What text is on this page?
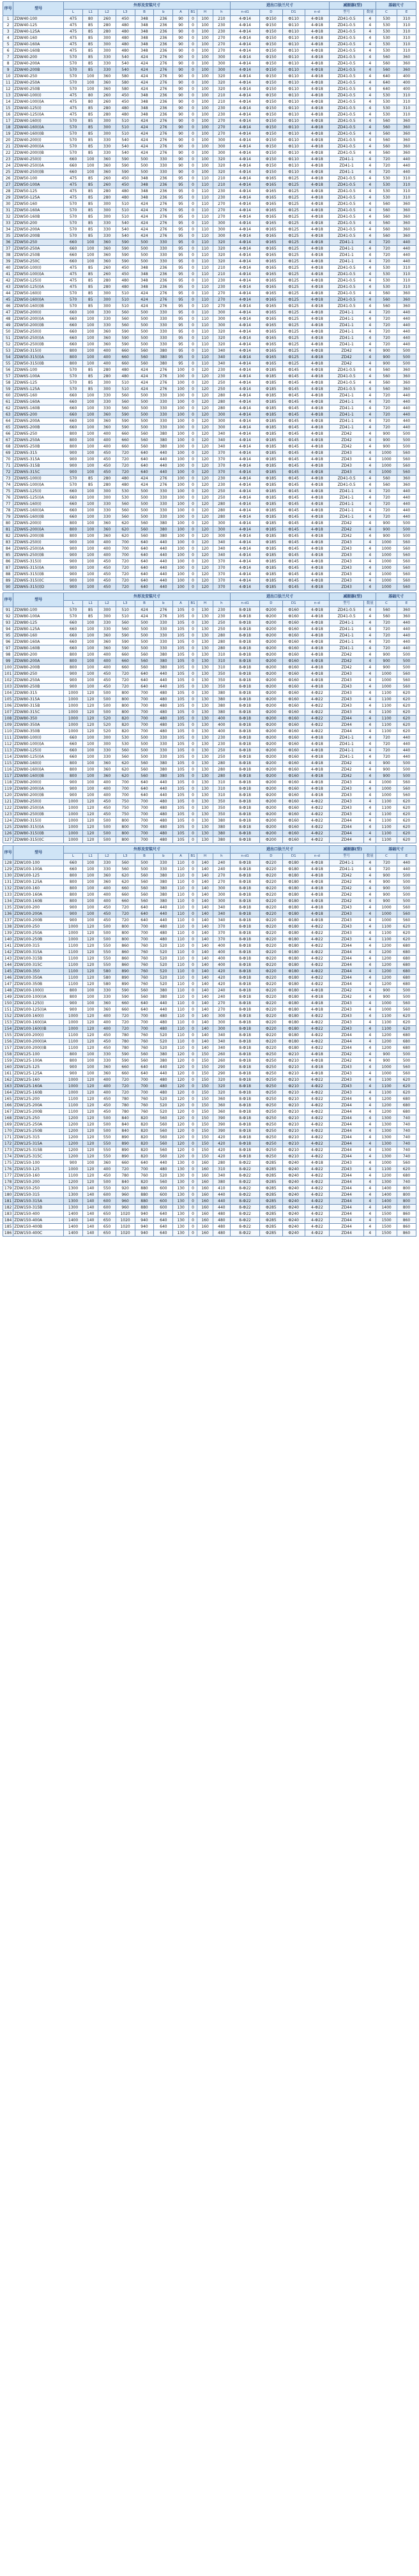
序号	型号	外形及安装尺寸										进出口法兰尺寸				减振器(型)		基础尺寸	
		L	L1	L2	L3	B	b	A	B1	H	h	n-d1	D	D1	n-d	型号	数量	C	E
1	ZDW40-100	475	80	260	450	348	236	90	0	100	210	4-Ф14	Ф150	Ф110	4-Ф18	ZD41-0.5	4	530	310
2	ZDW40-125	475	85	280	480	348	236	90	0	100	230	4-Ф14	Ф150	Ф110	4-Ф18	ZD41-0.5	4	530	310
3	ZDW40-125A	475	85	280	480	348	236	90	0	100	230	4-Ф14	Ф150	Ф110	4-Ф18	ZD41-0.5	4	530	310
4	ZDW40-160	475	85	300	480	348	236	90	0	100	270	4-Ф14	Ф150	Ф110	4-Ф18	ZD41-0.5	4	530	310
5	ZDW40-160A	475	85	300	480	348	236	90	0	100	270	4-Ф14	Ф150	Ф110	4-Ф18	ZD41-0.5	4	530	310
6	ZDW40-160B	475	85	300	480	348	236	90	0	100	270	4-Ф14	Ф150	Ф110	4-Ф18	ZD41-0.5	4	530	310
7	ZDW40-200	570	85	330	540	424	276	90	0	100	300	4-Ф14	Ф150	Ф110	4-Ф18	ZD41-0.5	4	560	360
8	ZDW40-200A	570	85	330	540	424	276	90	0	100	300	4-Ф14	Ф150	Ф110	4-Ф18	ZD41-0.5	4	560	360
9	ZDW40-200B	570	85	330	540	424	276	90	0	100	300	4-Ф14	Ф150	Ф110	4-Ф18	ZD41-0.5	4	560	360
10	ZDW40-250	570	100	360	580	424	276	90	0	100	320	4-Ф14	Ф150	Ф110	4-Ф18	ZD41-0.5	4	640	400
11	ZDW40-250A	570	100	360	580	424	276	90	0	100	320	4-Ф14	Ф150	Ф110	4-Ф18	ZD41-0.5	4	640	400
12	ZDW40-250B	570	100	360	580	424	276	90	0	100	320	4-Ф14	Ф150	Ф110	4-Ф18	ZD41-0.5	4	640	400
13	ZDW40-100(I)	475	80	260	450	348	236	90	0	100	210	4-Ф14	Ф150	Ф110	4-Ф18	ZD41-0.5	4	530	310
14	ZDW40-100(I)A	475	80	260	450	348	236	90	0	100	210	4-Ф14	Ф150	Ф110	4-Ф18	ZD41-0.5	4	530	310
15	ZDW40-125(I)	475	85	280	480	348	236	90	0	100	230	4-Ф14	Ф150	Ф110	4-Ф18	ZD41-0.5	4	530	310
16	ZDW40-125(I)A	475	85	280	480	348	236	90	0	100	230	4-Ф14	Ф150	Ф110	4-Ф18	ZD41-0.5	4	530	310
17	ZDW40-160(I)	570	85	300	510	424	276	90	0	100	270	4-Ф14	Ф150	Ф110	4-Ф18	ZD41-0.5	4	560	360
18	ZDW40-160(I)A	570	85	300	510	424	276	90	0	100	270	4-Ф14	Ф150	Ф110	4-Ф18	ZD41-0.5	4	560	360
19	ZDW40-160(I)B	570	85	300	510	424	276	90	0	100	270	4-Ф14	Ф150	Ф110	4-Ф18	ZD41-0.5	4	560	360
20	ZDW40-200(I)	570	85	330	540	424	276	90	0	100	300	4-Ф14	Ф150	Ф110	4-Ф18	ZD41-0.5	4	560	360
21	ZDW40-200(I)A	570	85	330	540	424	276	90	0	100	300	4-Ф14	Ф150	Ф110	4-Ф18	ZD41-0.5	4	560	360
22	ZDW40-200(I)B	570	85	330	540	424	276	90	0	100	300	4-Ф14	Ф150	Ф110	4-Ф18	ZD41-0.5	4	560	360
23	ZDW40-250(I)	660	100	360	590	500	330	90	0	100	320	4-Ф14	Ф150	Ф110	4-Ф18	ZD41-1	4	720	440
24	ZDW40-250(I)A	660	100	360	590	500	330	90	0	100	320	4-Ф14	Ф150	Ф110	4-Ф18	ZD41-1	4	720	440
25	ZDW40-250(I)B	660	100	360	590	500	330	90	0	100	320	4-Ф14	Ф150	Ф110	4-Ф18	ZD41-1	4	720	440
26	ZDW50-100	475	85	260	450	348	236	95	0	110	210	4-Ф14	Ф165	Ф125	4-Ф18	ZD41-0.5	4	530	310
27	ZDW50-100A	475	85	260	450	348	236	95	0	110	210	4-Ф14	Ф165	Ф125	4-Ф18	ZD41-0.5	4	530	310
28	ZDW50-125	475	85	280	480	348	236	95	0	110	230	4-Ф14	Ф165	Ф125	4-Ф18	ZD41-0.5	4	530	310
29	ZDW50-125A	475	85	280	480	348	236	95	0	110	230	4-Ф14	Ф165	Ф125	4-Ф18	ZD41-0.5	4	530	310
30	ZDW50-160	570	85	300	510	424	276	95	0	110	270	4-Ф14	Ф165	Ф125	4-Ф18	ZD41-0.5	4	560	360
31	ZDW50-160A	570	85	300	510	424	276	95	0	110	270	4-Ф14	Ф165	Ф125	4-Ф18	ZD41-0.5	4	560	360
32	ZDW50-160B	570	85	300	510	424	276	95	0	110	270	4-Ф14	Ф165	Ф125	4-Ф18	ZD41-0.5	4	560	360
33	ZDW50-200	570	85	330	540	424	276	95	0	110	300	4-Ф14	Ф165	Ф125	4-Ф18	ZD41-0.5	4	560	360
34	ZDW50-200A	570	85	330	540	424	276	95	0	110	300	4-Ф14	Ф165	Ф125	4-Ф18	ZD41-0.5	4	560	360
35	ZDW50-200B	570	85	330	540	424	276	95	0	110	300	4-Ф14	Ф165	Ф125	4-Ф18	ZD41-0.5	4	560	360
36	ZDW50-250	660	100	360	590	500	330	95	0	110	320	4-Ф14	Ф165	Ф125	4-Ф18	ZD41-1	4	720	440
37	ZDW50-250A	660	100	360	590	500	330	95	0	110	320	4-Ф14	Ф165	Ф125	4-Ф18	ZD41-1	4	720	440
38	ZDW50-250B	660	100	360	590	500	330	95	0	110	320	4-Ф14	Ф165	Ф125	4-Ф18	ZD41-1	4	720	440
39	ZDW50-250C	660	100	360	590	500	330	95	0	110	320	4-Ф14	Ф165	Ф125	4-Ф18	ZD41-1	4	720	440
40	ZDW50-100(I)	475	85	260	450	348	236	95	0	110	210	4-Ф14	Ф165	Ф125	4-Ф18	ZD41-0.5	4	530	310
41	ZDW50-100(I)A	475	85	260	450	348	236	95	0	110	210	4-Ф14	Ф165	Ф125	4-Ф18	ZD41-0.5	4	530	310
42	ZDW50-125(I)	475	85	280	480	348	236	95	0	110	230	4-Ф14	Ф165	Ф125	4-Ф18	ZD41-0.5	4	530	310
43	ZDW50-125(I)A	475	85	280	480	348	236	95	0	110	230	4-Ф14	Ф165	Ф125	4-Ф18	ZD41-0.5	4	530	310
44	ZDW50-160(I)	570	85	300	510	424	276	95	0	110	270	4-Ф14	Ф165	Ф125	4-Ф18	ZD41-0.5	4	560	360
45	ZDW50-160(I)A	570	85	300	510	424	276	95	0	110	270	4-Ф14	Ф165	Ф125	4-Ф18	ZD41-0.5	4	560	360
46	ZDW50-160(I)B	570	85	300	510	424	276	95	0	110	270	4-Ф14	Ф165	Ф125	4-Ф18	ZD41-0.5	4	560	360
47	ZDW50-200(I)	660	100	330	560	500	330	95	0	110	300	4-Ф14	Ф165	Ф125	4-Ф18	ZD41-1	4	720	440
48	ZDW50-200(I)A	660	100	330	560	500	330	95	0	110	300	4-Ф14	Ф165	Ф125	4-Ф18	ZD41-1	4	720	440
49	ZDW50-200(I)B	660	100	330	560	500	330	95	0	110	300	4-Ф14	Ф165	Ф125	4-Ф18	ZD41-1	4	720	440
50	ZDW50-250(I)	660	100	360	590	500	330	95	0	110	320	4-Ф14	Ф165	Ф125	4-Ф18	ZD41-1	4	720	440
51	ZDW50-250(I)A	660	100	360	590	500	330	95	0	110	320	4-Ф14	Ф165	Ф125	4-Ф18	ZD41-1	4	720	440
52	ZDW50-250(I)B	660	100	360	590	500	330	95	0	110	320	4-Ф14	Ф165	Ф125	4-Ф18	ZD41-1	4	720	440
53	ZDW50-315(I)	800	100	400	660	560	380	95	0	110	340	4-Ф14	Ф165	Ф125	4-Ф18	ZD42	4	900	500
54	ZDW50-315(I)A	800	100	400	660	560	380	95	0	110	340	4-Ф14	Ф165	Ф125	4-Ф18	ZD42	4	900	500
55	ZDW50-315(I)B	800	100	400	660	560	380	95	0	110	340	4-Ф14	Ф165	Ф125	4-Ф18	ZD42	4	900	500
56	ZDW65-100	570	85	280	480	424	276	100	0	120	230	4-Ф14	Ф185	Ф145	4-Ф18	ZD41-0.5	4	560	360
57	ZDW65-100A	570	85	280	480	424	276	100	0	120	230	4-Ф14	Ф185	Ф145	4-Ф18	ZD41-0.5	4	560	360
58	ZDW65-125	570	85	300	510	424	276	100	0	120	250	4-Ф14	Ф185	Ф145	4-Ф18	ZD41-0.5	4	560	360
59	ZDW65-125A	570	85	300	510	424	276	100	0	120	250	4-Ф14	Ф185	Ф145	4-Ф18	ZD41-0.5	4	560	360
60	ZDW65-160	660	100	330	560	500	330	100	0	120	280	4-Ф14	Ф185	Ф145	4-Ф18	ZD41-1	4	720	440
61	ZDW65-160A	660	100	330	560	500	330	100	0	120	280	4-Ф14	Ф185	Ф145	4-Ф18	ZD41-1	4	720	440
62	ZDW65-160B	660	100	330	560	500	330	100	0	120	280	4-Ф14	Ф185	Ф145	4-Ф18	ZD41-1	4	720	440
63	ZDW65-200	660	100	360	590	500	330	100	0	120	300	4-Ф14	Ф185	Ф145	4-Ф18	ZD41-1	4	720	440
64	ZDW65-200A	660	100	360	590	500	330	100	0	120	300	4-Ф14	Ф185	Ф145	4-Ф18	ZD41-1	4	720	440
65	ZDW65-200B	660	100	360	590	500	330	100	0	120	300	4-Ф14	Ф185	Ф145	4-Ф18	ZD41-1	4	720	440
66	ZDW65-250	800	100	400	660	560	380	100	0	120	340	4-Ф14	Ф185	Ф145	4-Ф18	ZD42	4	900	500
67	ZDW65-250A	800	100	400	660	560	380	100	0	120	340	4-Ф14	Ф185	Ф145	4-Ф18	ZD42	4	900	500
68	ZDW65-250B	800	100	400	660	560	380	100	0	120	340	4-Ф14	Ф185	Ф145	4-Ф18	ZD42	4	900	500
69	ZDW65-315	900	100	450	720	640	440	100	0	120	370	4-Ф14	Ф185	Ф145	4-Ф18	ZD43	4	1000	560
70	ZDW65-315A	900	100	450	720	640	440	100	0	120	370	4-Ф14	Ф185	Ф145	4-Ф18	ZD43	4	1000	560
71	ZDW65-315B	900	100	450	720	640	440	100	0	120	370	4-Ф14	Ф185	Ф145	4-Ф18	ZD43	4	1000	560
72	ZDW65-315C	900	100	450	720	640	440	100	0	120	370	4-Ф14	Ф185	Ф145	4-Ф18	ZD43	4	1000	560
73	ZDW65-100(I)	570	85	280	480	424	276	100	0	120	230	4-Ф14	Ф185	Ф145	4-Ф18	ZD41-0.5	4	560	360
74	ZDW65-100(I)A	570	85	280	480	424	276	100	0	120	230	4-Ф14	Ф185	Ф145	4-Ф18	ZD41-0.5	4	560	360
75	ZDW65-125(I)	660	100	300	530	500	330	100	0	120	250	4-Ф14	Ф185	Ф145	4-Ф18	ZD41-1	4	720	440
76	ZDW65-125(I)A	660	100	300	530	500	330	100	0	120	250	4-Ф14	Ф185	Ф145	4-Ф18	ZD41-1	4	720	440
77	ZDW65-160(I)	660	100	330	560	500	330	100	0	120	280	4-Ф14	Ф185	Ф145	4-Ф18	ZD41-1	4	720	440
78	ZDW65-160(I)A	660	100	330	560	500	330	100	0	120	280	4-Ф14	Ф185	Ф145	4-Ф18	ZD41-1	4	720	440
79	ZDW65-160(I)B	660	100	330	560	500	330	100	0	120	280	4-Ф14	Ф185	Ф145	4-Ф18	ZD41-1	4	720	440
80	ZDW65-200(I)	800	100	360	620	560	380	100	0	120	300	4-Ф14	Ф185	Ф145	4-Ф18	ZD42	4	900	500
81	ZDW65-200(I)A	800	100	360	620	560	380	100	0	120	300	4-Ф14	Ф185	Ф145	4-Ф18	ZD42	4	900	500
82	ZDW65-200(I)B	800	100	360	620	560	380	100	0	120	300	4-Ф14	Ф185	Ф145	4-Ф18	ZD42	4	900	500
83	ZDW65-250(I)	900	100	400	700	640	440	100	0	120	340	4-Ф14	Ф185	Ф145	4-Ф18	ZD43	4	1000	560
84	ZDW65-250(I)A	900	100	400	700	640	440	100	0	120	340	4-Ф14	Ф185	Ф145	4-Ф18	ZD43	4	1000	560
85	ZDW65-250(I)B	900	100	400	700	640	440	100	0	120	340	4-Ф14	Ф185	Ф145	4-Ф18	ZD43	4	1000	560
86	ZDW65-315(I)	900	100	450	720	640	440	100	0	120	370	4-Ф14	Ф185	Ф145	4-Ф18	ZD43	4	1000	560
87	ZDW65-315(I)A	900	100	450	720	640	440	100	0	120	370	4-Ф14	Ф185	Ф145	4-Ф18	ZD43	4	1000	560
88	ZDW65-315(I)B	900	100	450	720	640	440	100	0	120	370	4-Ф14	Ф185	Ф145	4-Ф18	ZD43	4	1000	560
89	ZDW65-315(I)C	900	100	450	720	640	440	100	0	120	370	4-Ф14	Ф185	Ф145	4-Ф18	ZD43	4	1000	560
90	ZDW65-315(I)D	900	100	450	720	640	440	100	0	120	370	4-Ф14	Ф185	Ф145	4-Ф18	ZD43	4	1000	560
序号	型号	外形及安装尺寸										进出口法兰尺寸				减振器(型)		基础尺寸	
		L	L1	L2	L3	B	b	A	B1	H	h	n-d1	D	D1	n-d	型号	数量	C	E
91	ZDW80-100	570	85	300	510	424	276	105	0	130	230	8-Ф18	Ф200	Ф160	4-Ф18	ZD41-0.5	4	560	360
92	ZDW80-100A	570	85	300	510	424	276	105	0	130	230	8-Ф18	Ф200	Ф160	4-Ф18	ZD41-0.5	4	560	360
93	ZDW80-125	660	100	330	560	500	330	105	0	130	250	8-Ф18	Ф200	Ф160	4-Ф18	ZD41-1	4	720	440
94	ZDW80-125A	660	100	330	560	500	330	105	0	130	250	8-Ф18	Ф200	Ф160	4-Ф18	ZD41-1	4	720	440
95	ZDW80-160	660	100	360	590	500	330	105	0	130	280	8-Ф18	Ф200	Ф160	4-Ф18	ZD41-1	4	720	440
96	ZDW80-160A	660	100	360	590	500	330	105	0	130	280	8-Ф18	Ф200	Ф160	4-Ф18	ZD41-1	4	720	440
97	ZDW80-160B	660	100	360	590	500	330	105	0	130	280	8-Ф18	Ф200	Ф160	4-Ф18	ZD41-1	4	720	440
98	ZDW80-200	800	100	400	660	560	380	105	0	130	310	8-Ф18	Ф200	Ф160	4-Ф18	ZD42	4	900	500
99	ZDW80-200A	800	100	400	660	560	380	105	0	130	310	8-Ф18	Ф200	Ф160	4-Ф18	ZD42	4	900	500
100	ZDW80-200B	800	100	400	660	560	380	105	0	130	310	8-Ф18	Ф200	Ф160	4-Ф18	ZD42	4	900	500
101	ZDW80-250	900	100	450	720	640	440	105	0	130	350	8-Ф18	Ф200	Ф160	4-Ф18	ZD43	4	1000	560
102	ZDW80-250A	900	100	450	720	640	440	105	0	130	350	8-Ф18	Ф200	Ф160	4-Ф18	ZD43	4	1000	560
103	ZDW80-250B	900	100	450	720	640	440	105	0	130	350	8-Ф18	Ф200	Ф160	4-Ф18	ZD43	4	1000	560
104	ZDW80-315	1000	120	500	800	700	480	105	0	130	380	8-Ф18	Ф200	Ф160	4-Ф22	ZD43	4	1100	620
105	ZDW80-315A	1000	120	500	800	700	480	105	0	130	380	8-Ф18	Ф200	Ф160	4-Ф22	ZD43	4	1100	620
106	ZDW80-315B	1000	120	500	800	700	480	105	0	130	380	8-Ф18	Ф200	Ф160	4-Ф22	ZD43	4	1100	620
107	ZDW80-315C	1000	120	500	800	700	480	105	0	130	380	8-Ф18	Ф200	Ф160	4-Ф22	ZD43	4	1100	620
108	ZDW80-350	1000	120	520	820	700	480	105	0	130	400	8-Ф18	Ф200	Ф160	4-Ф22	ZD44	4	1100	620
109	ZDW80-350A	1000	120	520	820	700	480	105	0	130	400	8-Ф18	Ф200	Ф160	4-Ф22	ZD44	4	1100	620
110	ZDW80-350B	1000	120	520	820	700	480	105	0	130	400	8-Ф18	Ф200	Ф160	4-Ф22	ZD44	4	1100	620
111	ZDW80-100(I)	660	100	300	530	500	330	105	0	130	230	8-Ф18	Ф200	Ф160	4-Ф18	ZD41-1	4	720	440
112	ZDW80-100(I)A	660	100	300	530	500	330	105	0	130	230	8-Ф18	Ф200	Ф160	4-Ф18	ZD41-1	4	720	440
113	ZDW80-125(I)	660	100	330	560	500	330	105	0	130	250	8-Ф18	Ф200	Ф160	4-Ф18	ZD41-1	4	720	440
114	ZDW80-125(I)A	660	100	330	560	500	330	105	0	130	250	8-Ф18	Ф200	Ф160	4-Ф18	ZD41-1	4	720	440
115	ZDW80-160(I)	800	100	360	620	560	380	105	0	130	280	8-Ф18	Ф200	Ф160	4-Ф18	ZD42	4	900	500
116	ZDW80-160(I)A	800	100	360	620	560	380	105	0	130	280	8-Ф18	Ф200	Ф160	4-Ф18	ZD42	4	900	500
117	ZDW80-160(I)B	800	100	360	620	560	380	105	0	130	280	8-Ф18	Ф200	Ф160	4-Ф18	ZD42	4	900	500
118	ZDW80-200(I)	900	100	400	700	640	440	105	0	130	310	8-Ф18	Ф200	Ф160	4-Ф18	ZD43	4	1000	560
119	ZDW80-200(I)A	900	100	400	700	640	440	105	0	130	310	8-Ф18	Ф200	Ф160	4-Ф18	ZD43	4	1000	560
120	ZDW80-200(I)B	900	100	400	700	640	440	105	0	130	310	8-Ф18	Ф200	Ф160	4-Ф18	ZD43	4	1000	560
121	ZDW80-250(I)	1000	120	450	750	700	480	105	0	130	350	8-Ф18	Ф200	Ф160	4-Ф22	ZD43	4	1100	620
122	ZDW80-250(I)A	1000	120	450	750	700	480	105	0	130	350	8-Ф18	Ф200	Ф160	4-Ф22	ZD43	4	1100	620
123	ZDW80-250(I)B	1000	120	450	750	700	480	105	0	130	350	8-Ф18	Ф200	Ф160	4-Ф22	ZD43	4	1100	620
124	ZDW80-315(I)	1000	120	500	800	700	480	105	0	130	380	8-Ф18	Ф200	Ф160	4-Ф22	ZD44	4	1100	620
125	ZDW80-315(I)A	1000	120	500	800	700	480	105	0	130	380	8-Ф18	Ф200	Ф160	4-Ф22	ZD44	4	1100	620
126	ZDW80-315(I)B	1000	120	500	800	700	480	105	0	130	380	8-Ф18	Ф200	Ф160	4-Ф22	ZD44	4	1100	620
127	ZDW80-315(I)C	1000	120	500	800	700	480	105	0	130	380	8-Ф18	Ф200	Ф160	4-Ф22	ZD44	4	1100	620
序号	型号	外形及安装尺寸										进出口法兰尺寸				减振器(型)		基础尺寸	
		L	L1	L2	L3	B	b	A	B1	H	h	n-d1	D	D1	n-d	型号	数量	C	E
128	ZDW100-100	660	100	330	560	500	330	110	0	140	240	8-Ф18	Ф220	Ф180	4-Ф18	ZD41-1	4	720	440
129	ZDW100-100A	660	100	330	560	500	330	110	0	140	240	8-Ф18	Ф220	Ф180	4-Ф18	ZD41-1	4	720	440
130	ZDW100-125	800	100	360	620	560	380	110	0	140	270	8-Ф18	Ф220	Ф180	4-Ф18	ZD42	4	900	500
131	ZDW100-125A	800	100	360	620	560	380	110	0	140	270	8-Ф18	Ф220	Ф180	4-Ф18	ZD42	4	900	500
132	ZDW100-160	800	100	400	660	560	380	110	0	140	300	8-Ф18	Ф220	Ф180	4-Ф18	ZD42	4	900	500
133	ZDW100-160A	800	100	400	660	560	380	110	0	140	300	8-Ф18	Ф220	Ф180	4-Ф18	ZD42	4	900	500
134	ZDW100-160B	800	100	400	660	560	380	110	0	140	300	8-Ф18	Ф220	Ф180	4-Ф18	ZD42	4	900	500
135	ZDW100-200	900	100	450	720	640	440	110	0	140	340	8-Ф18	Ф220	Ф180	4-Ф18	ZD43	4	1000	560
136	ZDW100-200A	900	100	450	720	640	440	110	0	140	340	8-Ф18	Ф220	Ф180	4-Ф18	ZD43	4	1000	560
137	ZDW100-200B	900	100	450	720	640	440	110	0	140	340	8-Ф18	Ф220	Ф180	4-Ф18	ZD43	4	1000	560
138	ZDW100-250	1000	120	500	800	700	480	110	0	140	370	8-Ф18	Ф220	Ф180	4-Ф22	ZD43	4	1100	620
139	ZDW100-250A	1000	120	500	800	700	480	110	0	140	370	8-Ф18	Ф220	Ф180	4-Ф22	ZD43	4	1100	620
140	ZDW100-250B	1000	120	500	800	700	480	110	0	140	370	8-Ф18	Ф220	Ф180	4-Ф22	ZD43	4	1100	620
141	ZDW100-315	1100	120	550	860	760	520	110	0	140	400	8-Ф18	Ф220	Ф180	4-Ф22	ZD44	4	1200	680
142	ZDW100-315A	1100	120	550	860	760	520	110	0	140	400	8-Ф18	Ф220	Ф180	4-Ф22	ZD44	4	1200	680
143	ZDW100-315B	1100	120	550	860	760	520	110	0	140	400	8-Ф18	Ф220	Ф180	4-Ф22	ZD44	4	1200	680
144	ZDW100-315C	1100	120	550	860	760	520	110	0	140	400	8-Ф18	Ф220	Ф180	4-Ф22	ZD44	4	1200	680
145	ZDW100-350	1100	120	580	890	760	520	110	0	140	420	8-Ф18	Ф220	Ф180	4-Ф22	ZD44	4	1200	680
146	ZDW100-350A	1100	120	580	890	760	520	110	0	140	420	8-Ф18	Ф220	Ф180	4-Ф22	ZD44	4	1200	680
147	ZDW100-350B	1100	120	580	890	760	520	110	0	140	420	8-Ф18	Ф220	Ф180	4-Ф22	ZD44	4	1200	680
148	ZDW100-100(I)	800	100	330	590	560	380	110	0	140	240	8-Ф18	Ф220	Ф180	4-Ф18	ZD42	4	900	500
149	ZDW100-100(I)A	800	100	330	590	560	380	110	0	140	240	8-Ф18	Ф220	Ф180	4-Ф18	ZD42	4	900	500
150	ZDW100-125(I)	900	100	360	660	640	440	110	0	140	270	8-Ф18	Ф220	Ф180	4-Ф18	ZD43	4	1000	560
151	ZDW100-125(I)A	900	100	360	660	640	440	110	0	140	270	8-Ф18	Ф220	Ф180	4-Ф18	ZD43	4	1000	560
152	ZDW100-160(I)	1000	120	400	720	700	480	110	0	140	300	8-Ф18	Ф220	Ф180	4-Ф22	ZD43	4	1100	620
153	ZDW100-160(I)A	1000	120	400	720	700	480	110	0	140	300	8-Ф18	Ф220	Ф180	4-Ф22	ZD43	4	1100	620
154	ZDW100-160(I)B	1000	120	400	720	700	480	110	0	140	300	8-Ф18	Ф220	Ф180	4-Ф22	ZD43	4	1100	620
155	ZDW100-200(I)	1100	120	450	780	760	520	110	0	140	340	8-Ф18	Ф220	Ф180	4-Ф22	ZD44	4	1200	680
156	ZDW100-200(I)A	1100	120	450	780	760	520	110	0	140	340	8-Ф18	Ф220	Ф180	4-Ф22	ZD44	4	1200	680
157	ZDW100-200(I)B	1100	120	450	780	760	520	110	0	140	340	8-Ф18	Ф220	Ф180	4-Ф22	ZD44	4	1200	680
158	ZDW125-100	800	100	330	590	560	380	120	0	150	260	8-Ф18	Ф250	Ф210	4-Ф18	ZD42	4	900	500
159	ZDW125-100A	800	100	330	590	560	380	120	0	150	260	8-Ф18	Ф250	Ф210	4-Ф18	ZD42	4	900	500
160	ZDW125-125	900	100	360	660	640	440	120	0	150	290	8-Ф18	Ф250	Ф210	4-Ф18	ZD43	4	1000	560
161	ZDW125-125A	900	100	360	660	640	440	120	0	150	290	8-Ф18	Ф250	Ф210	4-Ф18	ZD43	4	1000	560
162	ZDW125-160	1000	120	400	720	700	480	120	0	150	320	8-Ф18	Ф250	Ф210	4-Ф22	ZD43	4	1100	620
163	ZDW125-160A	1000	120	400	720	700	480	120	0	150	320	8-Ф18	Ф250	Ф210	4-Ф22	ZD43	4	1100	620
164	ZDW125-160B	1000	120	400	720	700	480	120	0	150	320	8-Ф18	Ф250	Ф210	4-Ф22	ZD43	4	1100	620
165	ZDW125-200	1100	120	450	780	760	520	120	0	150	360	8-Ф18	Ф250	Ф210	4-Ф22	ZD44	4	1200	680
166	ZDW125-200A	1100	120	450	780	760	520	120	0	150	360	8-Ф18	Ф250	Ф210	4-Ф22	ZD44	4	1200	680
167	ZDW125-200B	1100	120	450	780	760	520	120	0	150	360	8-Ф18	Ф250	Ф210	4-Ф22	ZD44	4	1200	680
168	ZDW125-250	1200	120	500	840	820	560	120	0	150	390	8-Ф18	Ф250	Ф210	4-Ф22	ZD44	4	1300	740
169	ZDW125-250A	1200	120	500	840	820	560	120	0	150	390	8-Ф18	Ф250	Ф210	4-Ф22	ZD44	4	1300	740
170	ZDW125-250B	1200	120	500	840	820	560	120	0	150	390	8-Ф18	Ф250	Ф210	4-Ф22	ZD44	4	1300	740
171	ZDW125-315	1200	120	550	890	820	560	120	0	150	420	8-Ф18	Ф250	Ф210	4-Ф22	ZD44	4	1300	740
172	ZDW125-315A	1200	120	550	890	820	560	120	0	150	420	8-Ф18	Ф250	Ф210	4-Ф22	ZD44	4	1300	740
173	ZDW125-315B	1200	120	550	890	820	560	120	0	150	420	8-Ф18	Ф250	Ф210	4-Ф22	ZD44	4	1300	740
174	ZDW125-315C	1200	120	550	890	820	560	120	0	150	420	8-Ф18	Ф250	Ф210	4-Ф22	ZD44	4	1300	740
175	ZDW150-100	900	100	360	660	640	440	130	0	160	280	8-Ф22	Ф285	Ф240	4-Ф18	ZD43	4	1000	560
176	ZDW150-125	1000	120	400	720	700	480	130	0	160	310	8-Ф22	Ф285	Ф240	4-Ф22	ZD43	4	1100	620
177	ZDW150-160	1100	120	450	780	760	520	130	0	160	340	8-Ф22	Ф285	Ф240	4-Ф22	ZD44	4	1200	680
178	ZDW150-200	1200	120	500	840	820	560	130	0	160	380	8-Ф22	Ф285	Ф240	4-Ф22	ZD44	4	1300	740
179	ZDW150-250	1300	140	550	920	880	600	130	0	160	410	8-Ф22	Ф285	Ф240	4-Ф22	ZD44	4	1400	800
180	ZDW150-315	1300	140	600	960	880	600	130	0	160	440	8-Ф22	Ф285	Ф240	4-Ф22	ZD44	4	1400	800
181	ZDW150-315A	1300	140	600	960	880	600	130	0	160	440	8-Ф22	Ф285	Ф240	4-Ф22	ZD44	4	1400	800
182	ZDW150-315B	1300	140	600	960	880	600	130	0	160	440	8-Ф22	Ф285	Ф240	4-Ф22	ZD44	4	1400	800
183	ZDW150-400	1400	140	650	1020	940	640	130	0	160	480	8-Ф22	Ф285	Ф240	4-Ф22	ZD44	4	1500	860
184	ZDW150-400A	1400	140	650	1020	940	640	130	0	160	480	8-Ф22	Ф285	Ф240	4-Ф22	ZD44	4	1500	860
185	ZDW150-400B	1400	140	650	1020	940	640	130	0	160	480	8-Ф22	Ф285	Ф240	4-Ф22	ZD44	4	1500	860
186	ZDW150-400C	1400	140	650	1020	940	640	130	0	160	480	8-Ф22	Ф285	Ф240	4-Ф22	ZD44	4	1500	860
